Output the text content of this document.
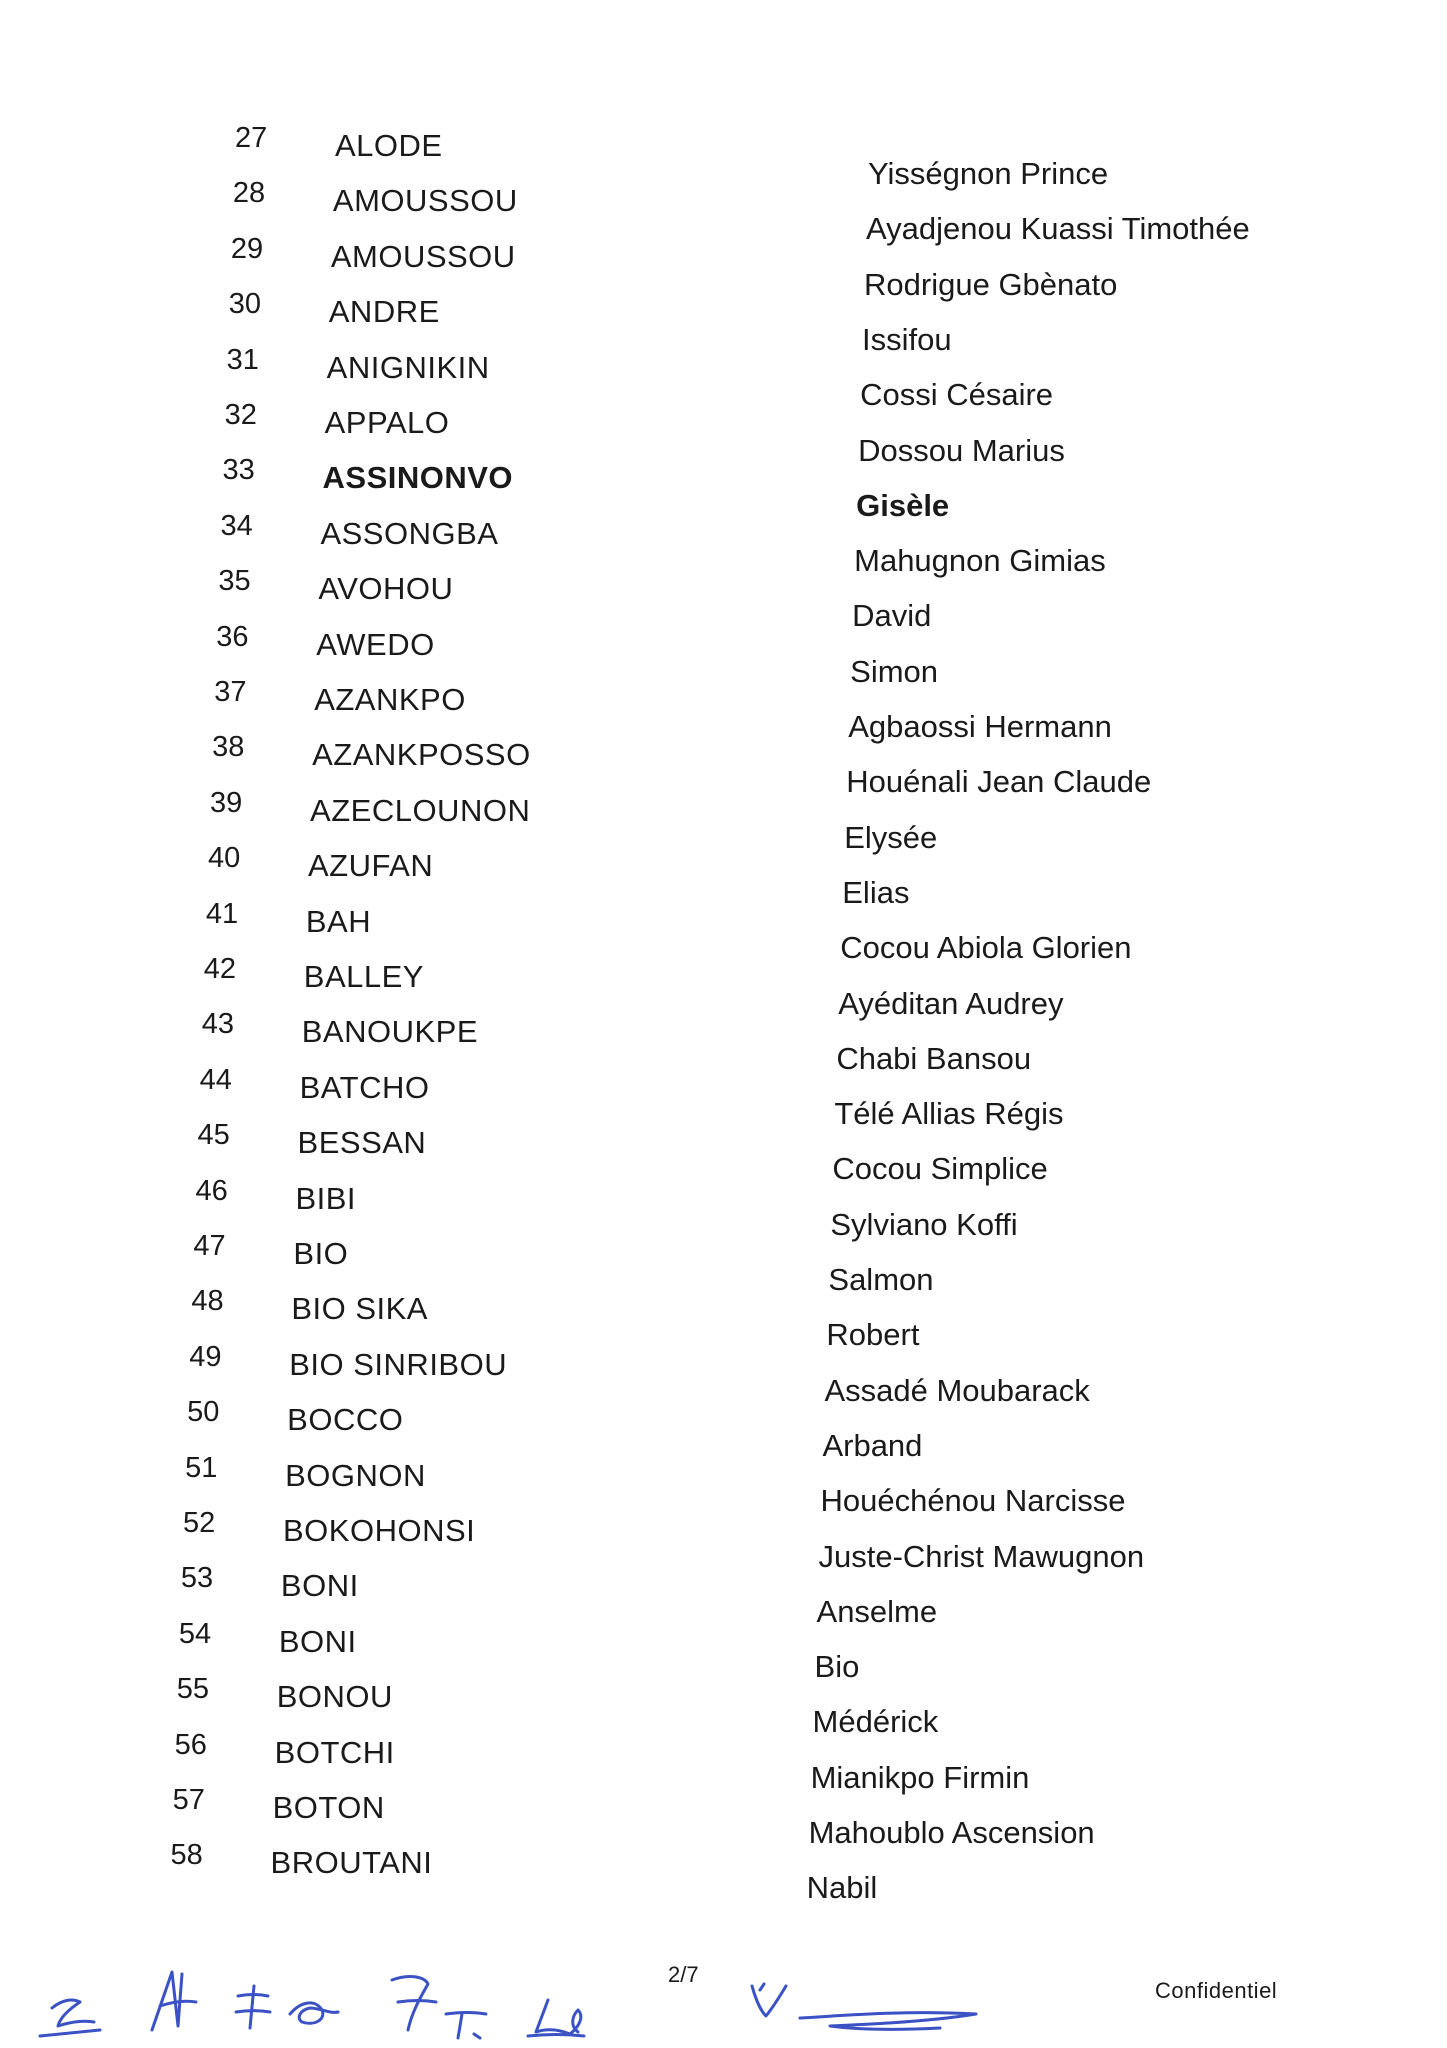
27 ALODE
28 AMOUSSOU
29 AMOUSSOU
30 ANDRE
31 ANIGNIKIN
32 APPALO
33 ASSINONVO
34 ASSONGBA
35 AVOHOU
36 AWEDO
37 AZANKPO
38 AZANKPOSSO
39 AZECLOUNON
40 AZUFAN
41 BAH
42 BALLEY
43 BANOUKPE
44 BATCHO
45 BESSAN
46 BIBI
47 BIO
48 BIO SIKA
49 BIO SINRIBOU
50 BOCCO
51 BOGNON
52 BOKOHONSI
53 BONI
54 BONI
55 BONOU
56 BOTCHI
57 BOTON
58 BROUTANI
Yisségnon Prince
Ayadjenou Kuassi Timothée
Rodrigue Gbènato
Issifou
Cossi Césaire
Dossou Marius
Gisèle
Mahugnon Gimias
David
Simon
Agbaossi Hermann
Houénali Jean Claude
Elysée
Elias
Cocou Abiola Glorien
Ayéditan Audrey
Chabi Bansou
Télé Allias Régis
Cocou Simplice
Sylviano Koffi
Salmon
Robert
Assadé Moubarack
Arband
Houéchénou Narcisse
Juste-Christ Mawugnon
Anselme
Bio
Médérick
Mianikpo Firmin
Mahoublo Ascension
Nabil
2/7
Confidentiel
